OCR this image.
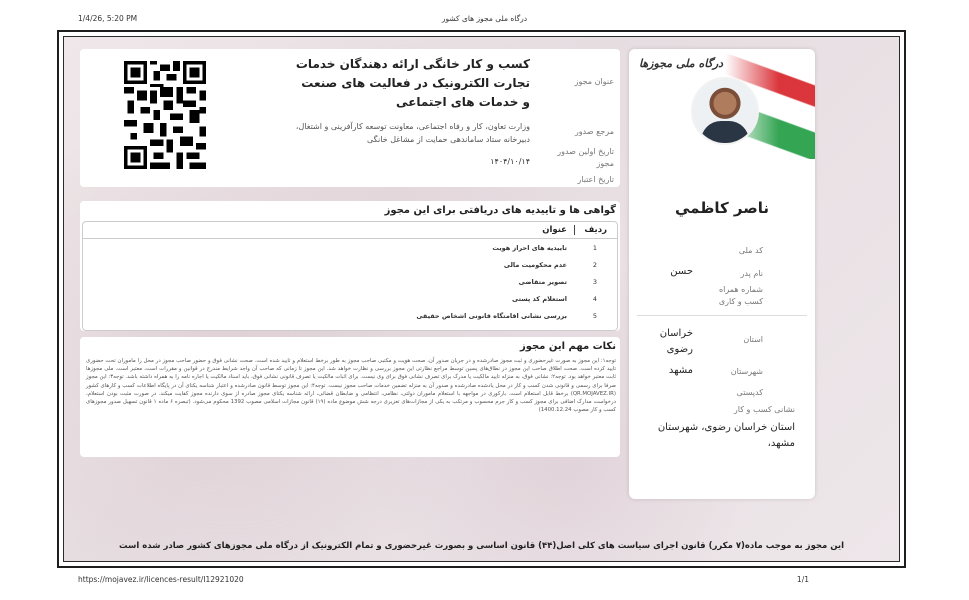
1/4/26, 5:20 PM	درگاه ملی مجوز های کشور
عنوان مجوز
کسب و کار خانگی ارائه دهندگان خدمات تجارت الکترونیک در فعالیت های صنعت و خدمات های اجتماعی
مرجع صدور
وزارت تعاون، کار و رفاه اجتماعی، معاونت توسعه کارآفرینی و اشتغال، دبیرخانه ستاد ساماندهی حمایت از مشاغل خانگی
تاریخ اولین صدور مجوز
۱۴۰۴/۱۰/۱۴
تاریخ اعتبار
گواهی ها و تاییدیه های دریافتی برای این مجوز
ردیف
عنوان
1
تاییدیه های احراز هویت
2
عدم محکومیت مالی
3
تصویر متقاضی
4
استعلام کد پستی
5
بررسی نشانی اقامتگاه قانونی اشخاص حقیقی
نکات مهم این مجوز
توجه۱: این مجوز به صورت غیرحضوری و ثبت مجوز صادرشده و در جریان صدور آن، صحت هویت و مکتبی صاحب مجوز به طور برخط استعلام و تایید شده است. صحت نشانی فوق و حضور صاحب مجوز در محل را ماموران تحت حضوری تایید کرده است. صحت اطلاق صاحب این مجوز در نطاق‌های پسین توسط مراجع نظارتی این مجوز بررسی و نظارت خواهد شد. این مجوز تا زمانی که صاحب آن واجد شرایط مندرج در قوانین و مقررات است، معتبر است. ملی مجوزها ثابت معتبر خواهد بود. توجه۲: نشانی فوق، به منزله تایید مالکیت یا مدرک برای تصرف نشانی فوق برای وی نیست. برای اثبات مالکیت یا تصرف قانونی نشانی فوق، باید اسناد مالکیت یا اجاره نامه را به همراه داشته باشد. توجه۳: این مجوز صرفا برای رسمی و قانونی شدن کسب و کار در محل یادشده صادرشده و صدور آن به منزله تضمین خدمات صاحب مجوز نیست. توجه۴: این مجوز توسط قانون صادرشده و اعتبار شناسه یکتای آن در پایگاه اطلاعات کسب و کارهای کشور (QR.MOJAVEZ.IR) برخط قابل استعلام است. بارکوری در مواجهه با استعلام ماموران دولتی، نظامی، انتظامی و ضابطان قضائی، ارائه شناسه یکتای مجوز صادره از سوی دارنده مجوز کفایت میکند. در صورت مثبت بودن استعلام، درخواست مدارک اضافی برای مجوز کسب و کار جرم محسوب و مرتکب به یکی از مجازات‌های تعزیری درجه شش موضوع ماده (۱۹) قانون مجازات اسلامی مصوب 1392 محکوم می‌شود. (تبصره ۶ ماده ۱ قانون تسهیل صدور مجوزهای کسب و کار مصوب 1400.12.24)
درگاه ملی مجوزها
ناصر کاظمي
کد ملی
نام پدر
حسن
شماره همراه
کسب و کاری
استان
خراسان رضوی
شهرستان
مشهد
کدپستی
نشانی کسب و کار
استان خراسان رضوی، شهرستان مشهد،
این مجوز به موجب ماده(۷ مکرر) قانون اجرای سیاست های کلی اصل(۴۴) قانون اساسی و بصورت غیرحضوری و تمام الکترونیک از درگاه ملی مجوزهای کشور صادر شده است
https://mojavez.ir/licences-result/I12921020	1/1
